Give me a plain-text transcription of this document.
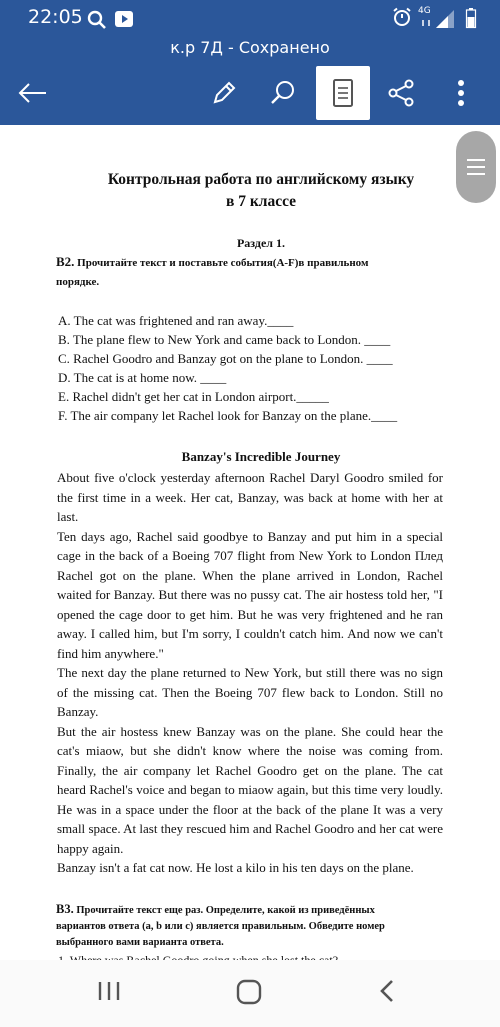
22:05	4G
к.р 7Д - Сохранено
Контрольная работа по английскому языку
в 7 классе
Раздел 1.
В2. Прочитайте текст и поставьте события(A-F)в правильном
порядке.
A. The cat was frightened and ran away.____
B. The plane flew to New York and came back to London. ____
C. Rachel Goodro and Banzay got on the plane to London. ____
D. The cat is at home now. ____
E. Rachel didn't get her cat in London airport._____
F. The air company let Rachel look for Banzay on the plane.____
Banzay's Incredible Journey

About five o'clock yesterday afternoon Rachel Daryl Goodro smiled for the first time in a week. Her cat, Banzay, was back at home with her at last.

Ten days ago, Rachel said goodbye to Banzay and put him in a special cage in the back of a Boeing 707 flight from New York to London Плед Rachel got on the plane. When the plane arrived in London, Rachel waited for Banzay. But there was no pussy cat. The air hostess told her, "I opened the cage door to get him. But he was very frightened and he ran away. I called him, but I'm sorry, I couldn't catch him. And now we can't find him anywhere."

The next day the plane returned to New York, but still there was no sign of the missing cat. Then the Boeing 707 flew back to London. Still no Banzay.

But the air hostess knew Banzay was on the plane. She could hear the cat's miaow, but she didn't know where the noise was coming from. Finally, the air company let Rachel Goodro get on the plane. The cat heard Rachel's voice and began to miaow again, but this time very loudly. He was in a space under the floor at the back of the plane It was a very small space. At last they rescued him and Rachel Goodro and her cat were happy again.

Banzay isn't a fat cat now. He lost a kilo in his ten days on the plane.

В3. Прочитайте текст еще раз. Определите, какой из приведённых
вариантов ответа (a, b или c) является правильным. Обведите номер
выбранного вами варианта ответа.
